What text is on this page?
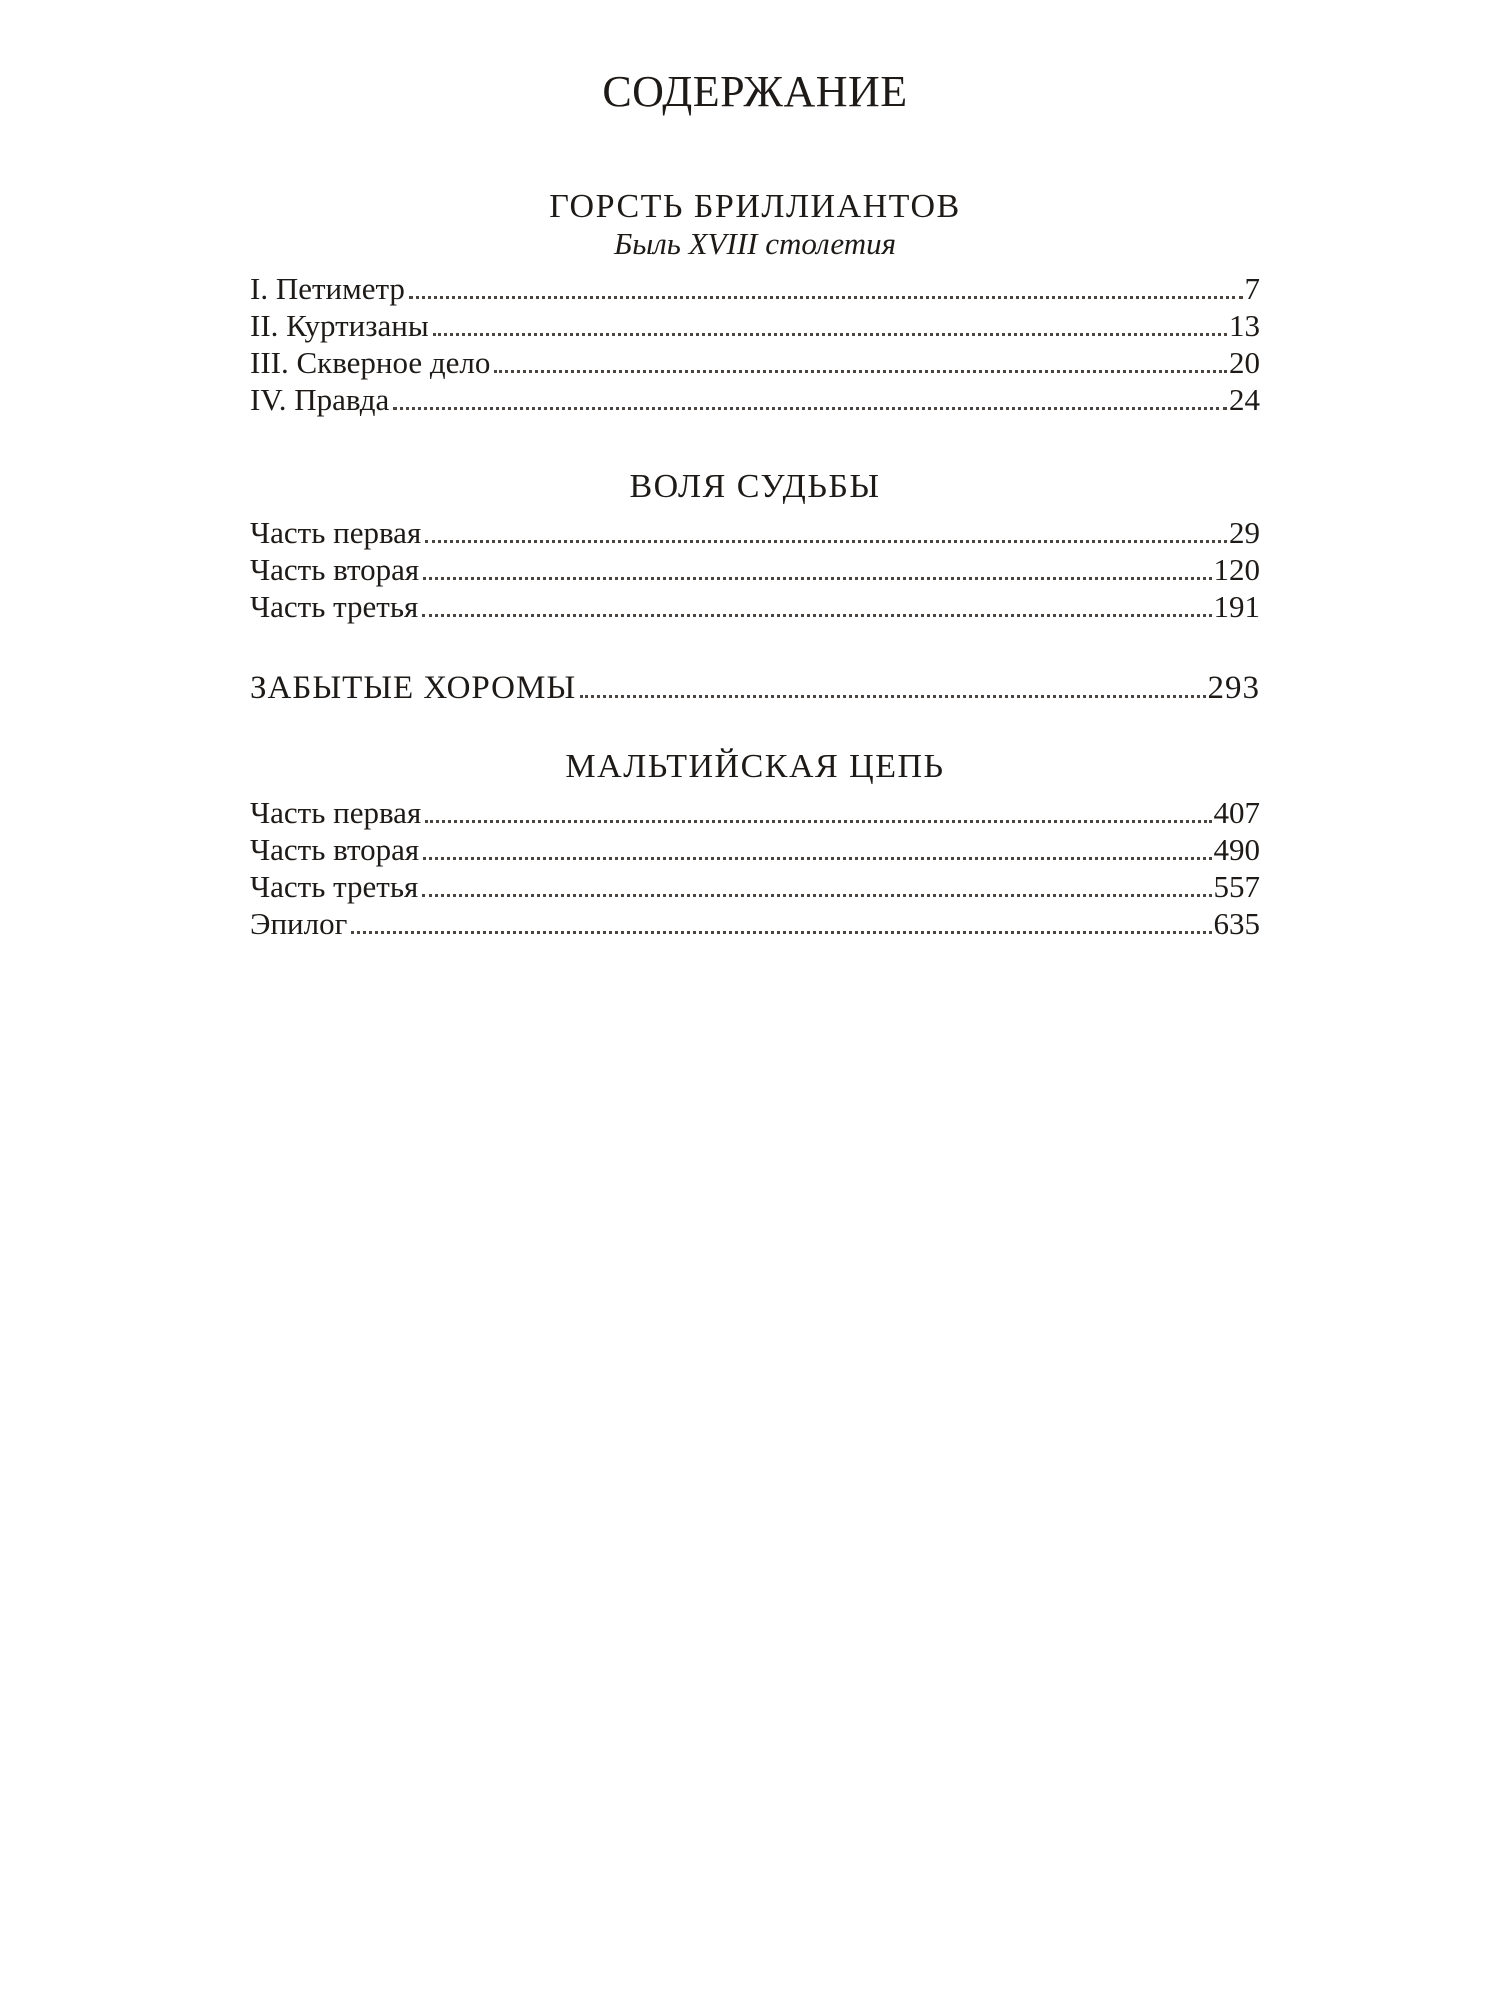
СОДЕРЖАНИЕ
ГОРСТЬ БРИЛЛИАНТОВ
Быль XVIII столетия
I. Петиметр	7
II. Куртизаны	13
III. Скверное дело	20
IV. Правда	24
ВОЛЯ СУДЬБЫ
Часть первая	29
Часть вторая	120
Часть третья	191
ЗАБЫТЫЕ ХОРОМЫ	293
МАЛЬТИЙСКАЯ ЦЕПЬ
Часть первая	407
Часть вторая	490
Часть третья	557
Эпилог	635
